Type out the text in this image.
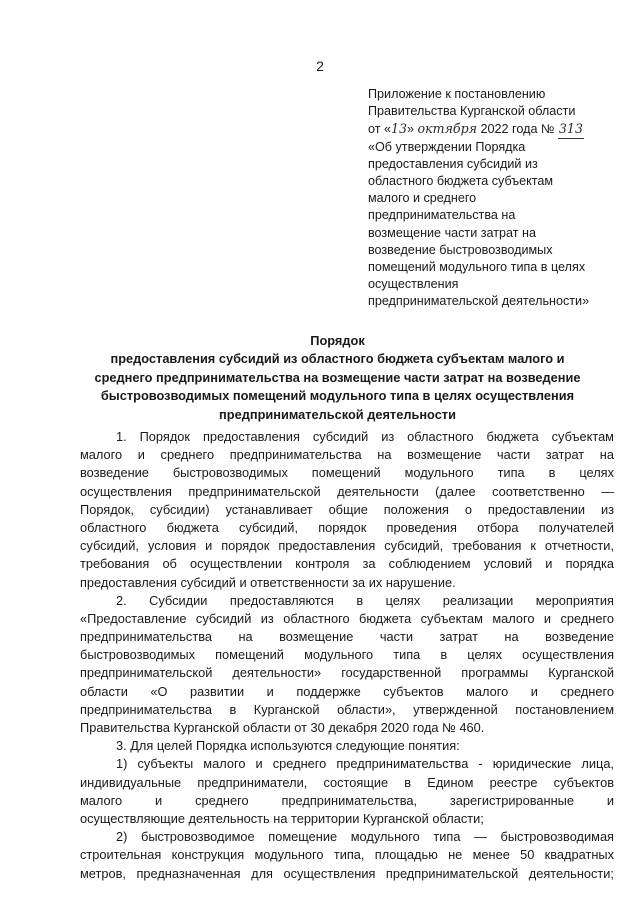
2
Приложение к постановлению
Правительства Курганской области
от «13» октября 2022 года № 313
«Об утверждении Порядка
предоставления субсидий из
областного бюджета субъектам
малого и среднего
предпринимательства на
возмещение части затрат на
возведение быстровозводимых
помещений модульного типа в целях
осуществления
предпринимательской деятельности»
Порядок
предоставления субсидий из областного бюджета субъектам малого и
среднего предпринимательства на возмещение части затрат на возведение
быстровозводимых помещений модульного типа в целях осуществления
предпринимательской деятельности
1. Порядок предоставления субсидий из областного бюджета субъектам
малого и среднего предпринимательства на возмещение части затрат на
возведение быстровозводимых помещений модульного типа в целях
осуществления предпринимательской деятельности (далее соответственно —
Порядок, субсидии) устанавливает общие положения о предоставлении из
областного бюджета субсидий, порядок проведения отбора получателей
субсидий, условия и порядок предоставления субсидий, требования к отчетности,
требования об осуществлении контроля за соблюдением условий и порядка
предоставления субсидий и ответственности за их нарушение.
2. Субсидии предоставляются в целях реализации мероприятия
«Предоставление субсидий из областного бюджета субъектам малого и среднего
предпринимательства на возмещение части затрат на возведение
быстровозводимых помещений модульного типа в целях осуществления
предпринимательской деятельности» государственной программы Курганской
области «О развитии и поддержке субъектов малого и среднего
предпринимательства в Курганской области», утвержденной постановлением
Правительства Курганской области от 30 декабря 2020 года № 460.
3. Для целей Порядка используются следующие понятия:
1) субъекты малого и среднего предпринимательства - юридические лица,
индивидуальные предприниматели, состоящие в Едином реестре субъектов
малого и среднего предпринимательства, зарегистрированные и
осуществляющие деятельность на территории Курганской области;
2) быстровозводимое помещение модульного типа — быстровозводимая
строительная конструкция модульного типа, площадью не менее 50 квадратных
метров, предназначенная для осуществления предпринимательской деятельности;
